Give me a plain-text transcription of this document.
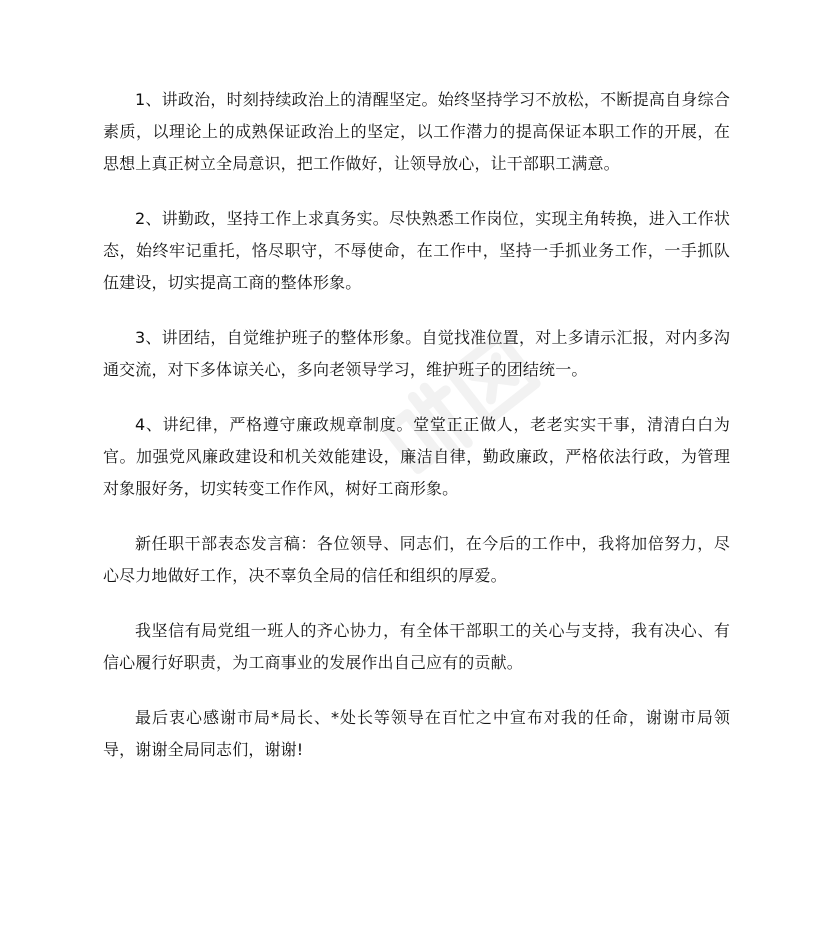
1、讲政治，时刻持续政治上的清醒坚定。始终坚持学习不放松，不断提高自身综合素质，以理论上的成熟保证政治上的坚定，以工作潜力的提高保证本职工作的开展，在思想上真正树立全局意识，把工作做好，让领导放心，让干部职工满意。

2、讲勤政，坚持工作上求真务实。尽快熟悉工作岗位，实现主角转换，进入工作状态，始终牢记重托，恪尽职守，不辱使命，在工作中，坚持一手抓业务工作，一手抓队伍建设，切实提高工商的整体形象。

3、讲团结，自觉维护班子的整体形象。自觉找准位置，对上多请示汇报，对内多沟通交流，对下多体谅关心，多向老领导学习，维护班子的团结统一。

4、讲纪律，严格遵守廉政规章制度。堂堂正正做人，老老实实干事，清清白白为官。加强党风廉政建设和机关效能建设，廉洁自律，勤政廉政，严格依法行政，为管理对象服好务，切实转变工作作风，树好工商形象。

新任职干部表态发言稿：各位领导、同志们，在今后的工作中，我将加倍努力，尽心尽力地做好工作，决不辜负全局的信任和组织的厚爱。

我坚信有局党组一班人的齐心协力，有全体干部职工的关心与支持，我有决心、有信心履行好职责，为工商事业的发展作出自己应有的贡献。

最后衷心感谢市局*局长、*处长等领导在百忙之中宣布对我的任命，谢谢市局领导，谢谢全局同志们，谢谢!
